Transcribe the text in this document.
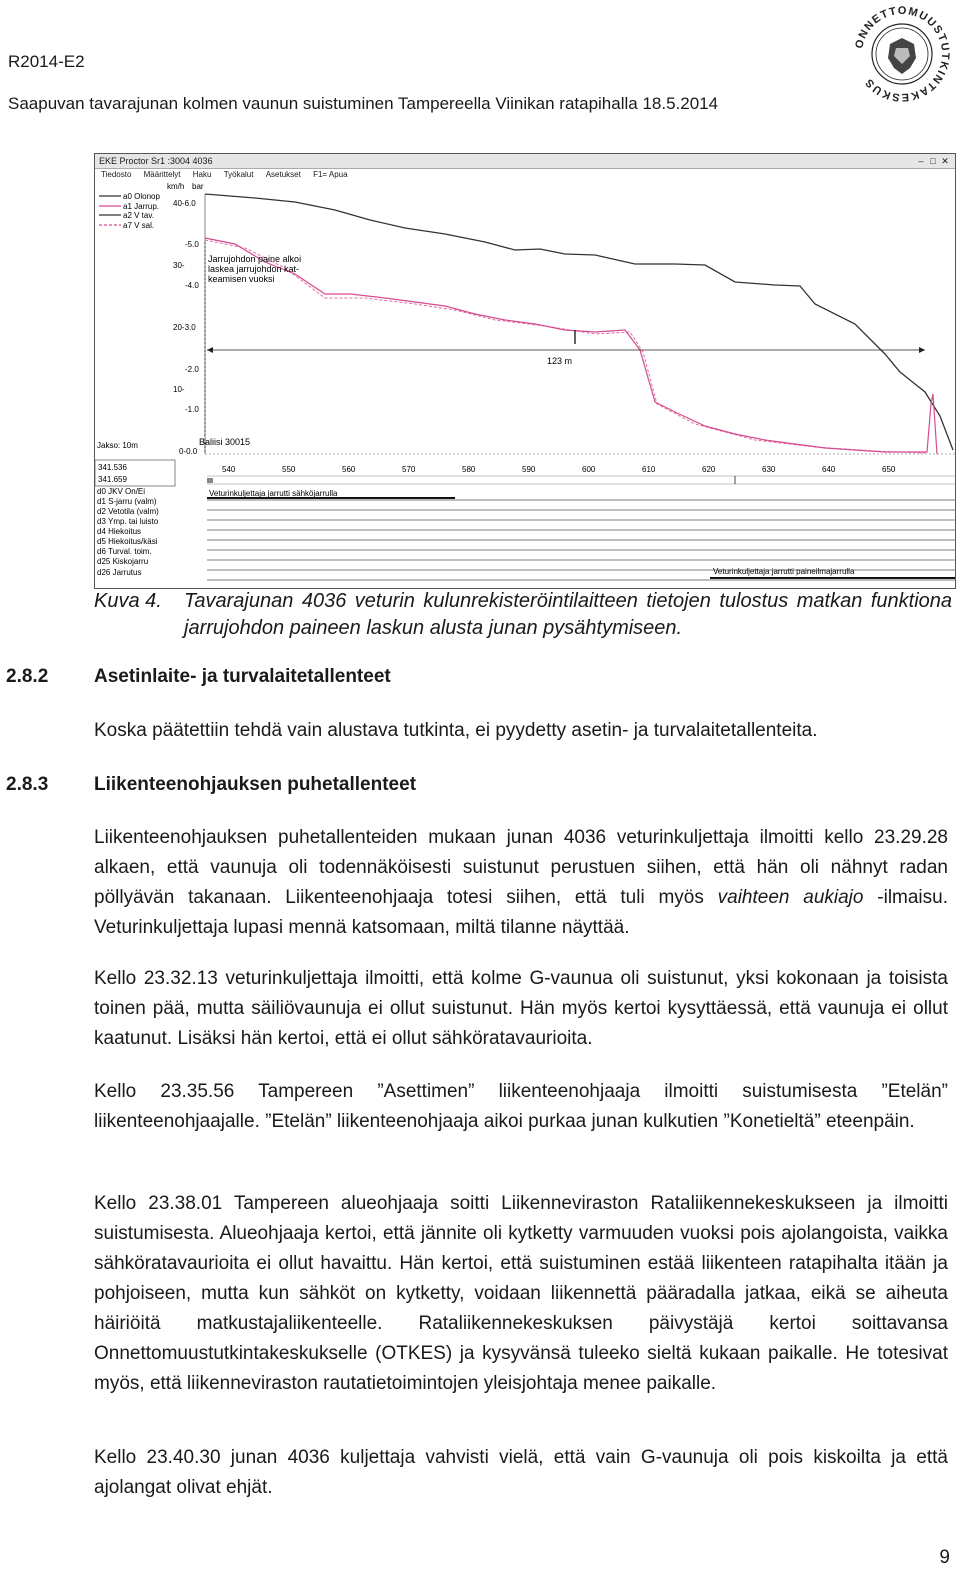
R2014-E2
Saapuvan tavarajunan kolmen vaunun suistuminen Tampereella Viinikan ratapihalla 18.5.2014
ONNETTOMUUSTUTKINTAKESKUS
EKE Proctor Sr1 :3004 4036	– □ ✕
Tiedosto Määrittelyt Haku Työkalut Asetukset F1= Apua
a0 Olonop
a1 Jarrup.
a2 V tav.
a7 V sal.
km/h bar
40-6.0
-5.0
30-
-4.0
20-3.0
-2.0
10-
-1.0
0-0.0
Jarrujohdon paine alkoi
laskea jarrujohdon kat-
keamisen vuoksi
123 m
Jakso: 10m	Baliisi 30015
341.536
341.659
540	550	560	570	580	590	600	610	620	630	640	650
d0 JKV On/Ei
d1 S-jarru (valm)
d2 Vetotila (valm)
d3 Ymp. tai luisto
d4 Hiekoitus
d5 Hiekoitus/käsi
d6 Turval. toim.
d25 Kiskojarru
d26 Jarrutus
Veturinkuljettaja jarrutti sähköjarrulla
Veturinkuljettaja jarrutti paineilmajarrulla
Kuva 4. Tavarajunan 4036 veturin kulunrekisteröintilaitteen tietojen tulostus matkan funktiona jarrujohdon paineen laskun alusta junan pysähtymiseen.
2.8.2 Asetinlaite- ja turvalaitetallenteet

Koska päätettiin tehdä vain alustava tutkinta, ei pyydetty asetin- ja turvalaitetallenteita.

2.8.3 Liikenteenohjauksen puhetallenteet

Liikenteenohjauksen puhetallenteiden mukaan junan 4036 veturinkuljettaja ilmoitti kello 23.29.28 alkaen, että vaunuja oli todennäköisesti suistunut perustuen siihen, että hän oli nähnyt radan pöllyävän takanaan. Liikenteenohjaaja totesi siihen, että tuli myös vaihteen aukiajo -ilmaisu. Veturinkuljettaja lupasi mennä katsomaan, miltä tilanne näyttää.

Kello 23.32.13 veturinkuljettaja ilmoitti, että kolme G-vaunua oli suistunut, yksi kokonaan ja toisista toinen pää, mutta säiliövaunuja ei ollut suistunut. Hän myös kertoi kysyttäessä, että vaunuja ei ollut kaatunut. Lisäksi hän kertoi, että ei ollut sähköratavaurioita.

Kello 23.35.56 Tampereen ”Asettimen” liikenteenohjaaja ilmoitti suistumisesta ”Etelän” liikenteenohjaajalle. ”Etelän” liikenteenohjaaja aikoi purkaa junan kulkutien ”Konetieltä” eteenpäin.

Kello 23.38.01 Tampereen alueohjaaja soitti Liikenneviraston Rataliikennekeskukseen ja ilmoitti suistumisesta. Alueohjaaja kertoi, että jännite oli kytketty varmuuden vuoksi pois ajolangoista, vaikka sähköratavaurioita ei ollut havaittu. Hän kertoi, että suistuminen estää liikenteen ratapihalta itään ja pohjoiseen, mutta kun sähköt on kytketty, voidaan liikennettä pääradalla jatkaa, eikä se aiheuta häiriöitä matkustajaliikenteelle. Rataliikennekeskuksen päivystäjä kertoi soittavansa Onnettomuustutkintakeskukselle (OTKES) ja kysyvänsä tuleeko sieltä kukaan paikalle. He totesivat myös, että liikenneviraston rautatietoimintojen yleisjohtaja menee paikalle.

Kello 23.40.30 junan 4036 kuljettaja vahvisti vielä, että vain G-vaunuja oli pois kiskoilta ja että ajolangat olivat ehjät.

9
